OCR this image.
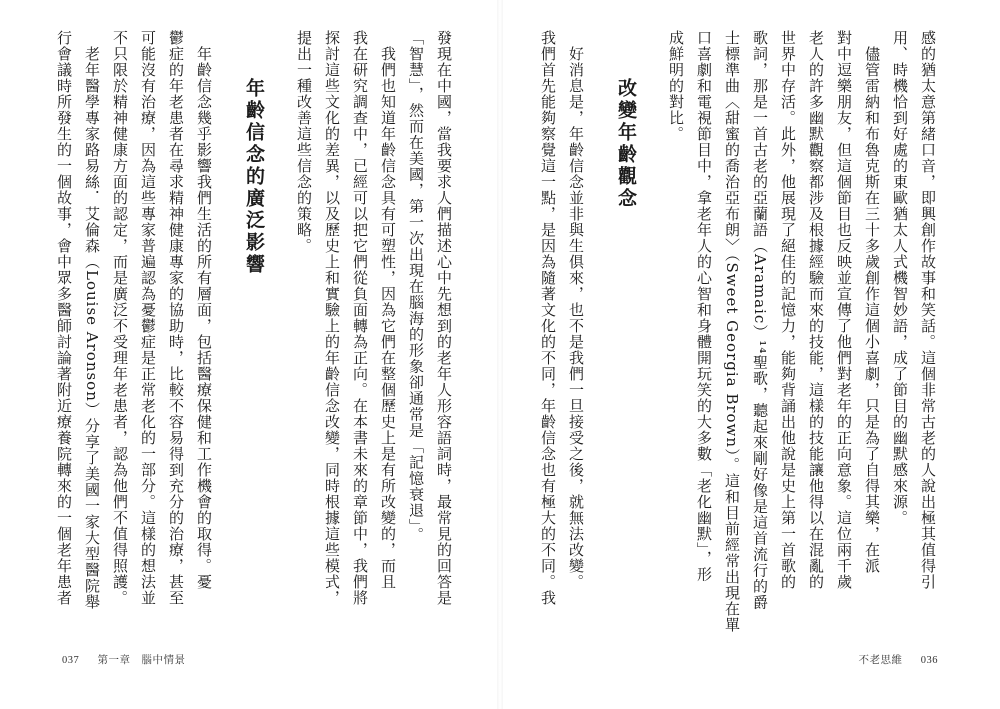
發現在中國，當我要求人們描述心中先想到的老年人形容語詞時，最常見的回答是
「智慧」，然而在美國，第一次出現在腦海的形象卻通常是「記憶衰退」。
我們也知道年齡信念具有可塑性，因為它們在整個歷史上是有所改變的，而且
我在研究調查中，已經可以把它們從負面轉為正向。在本書未來的章節中，我們將
探討這些文化的差異，以及歷史上和實驗上的年齡信念改變，同時根據這些模式，
提出一種改善這些信念的策略。
年齡信念的廣泛影響
年齡信念幾乎影響我們生活的所有層面，包括醫療保健和工作機會的取得。憂
鬱症的年老患者在尋求精神健康專家的協助時，比較不容易得到充分的治療，甚至
可能沒有治療，因為這些專家普遍認為憂鬱症是正常老化的一部分。這樣的想法並
不只限於精神健康方面的認定，而是廣泛不受理年老患者，認為他們不值得照護。
老年醫學專家路易絲．艾倫森（Louise Aronson）分享了美國一家大型醫院舉
行會議時所發生的一個故事，會中眾多醫師討論著附近療養院轉來的一個老年患者
037 第一章　腦中情景
感的猶太意第緒口音，即興創作故事和笑話。這個非常古老的人說出極其值得引
用、時機恰到好處的東歐猶太人式機智妙語，成了節目的幽默感來源。
儘管雷納和布魯克斯在三十多歲創作這個小喜劇，只是為了自得其樂，在派
對中逗樂朋友，但這個節目也反映並宣傳了他們對老年的正向意象。這位兩千歲
老人的許多幽默觀察都涉及根據經驗而來的技能，這樣的技能讓他得以在混亂的
世界中存活。此外，他展現了絕佳的記憶力，能夠背誦出他說是史上第一首歌的
歌詞，那是一首古老的亞蘭語（Aramaic）¹⁴聖歌，聽起來剛好像是這首流行的爵
士標準曲〈甜蜜的喬治亞布朗〉（Sweet Georgia Brown）。這和目前經常出現在單
口喜劇和電視節目中，拿老年人的心智和身體開玩笑的大多數「老化幽默」，形
成鮮明的對比。
改變年齡觀念
好消息是，年齡信念並非與生俱來，也不是我們一旦接受之後，就無法改變。
我們首先能夠察覺這一點，是因為隨著文化的不同，年齡信念也有極大的不同。我
不老思維 036
